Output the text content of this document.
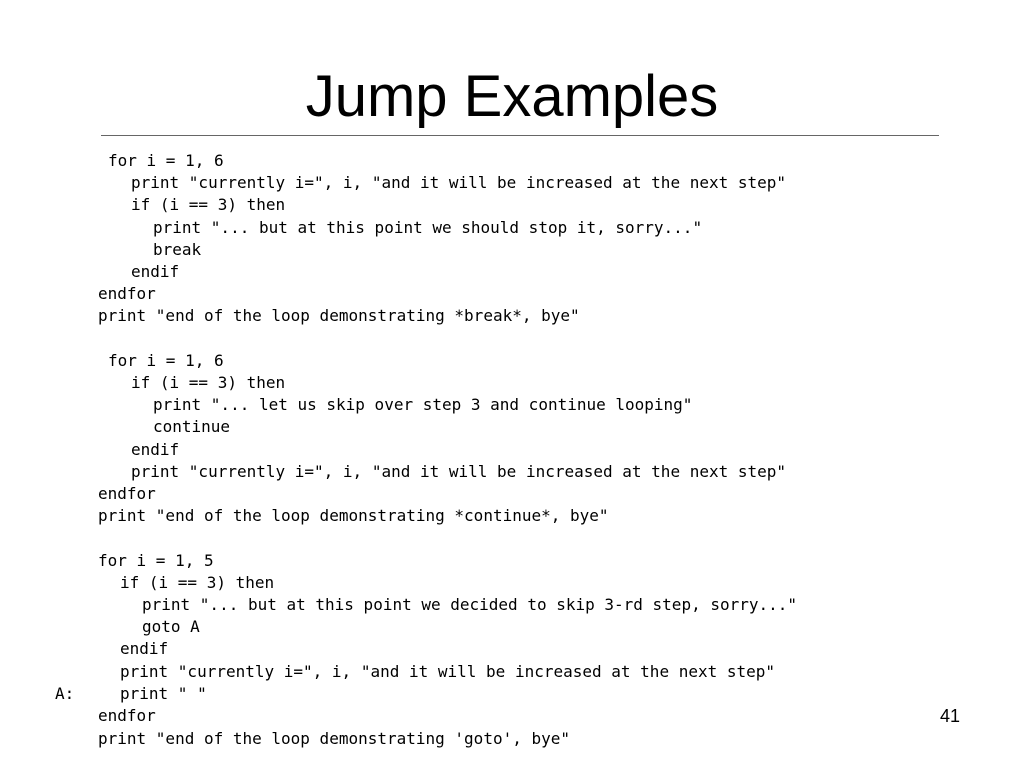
Jump Examples
for i = 1, 6
print "currently i=", i, "and it will be increased at the next step"
if (i == 3) then
print "... but at this point we should stop it, sorry..."
break
endif
endfor
print "end of the loop demonstrating *break*, bye"
for i = 1, 6
if (i == 3) then
print "... let us skip over step 3 and continue looping"
continue
endif
print "currently i=", i, "and it will be increased at the next step"
endfor
print "end of the loop demonstrating *continue*, bye"
for i = 1, 5
if (i == 3) then
print "... but at this point we decided to skip 3-rd step, sorry..."
goto A
endif
print "currently i=", i, "and it will be increased at the next step"
A:	print " "
endfor
print "end of the loop demonstrating 'goto', bye"
41
